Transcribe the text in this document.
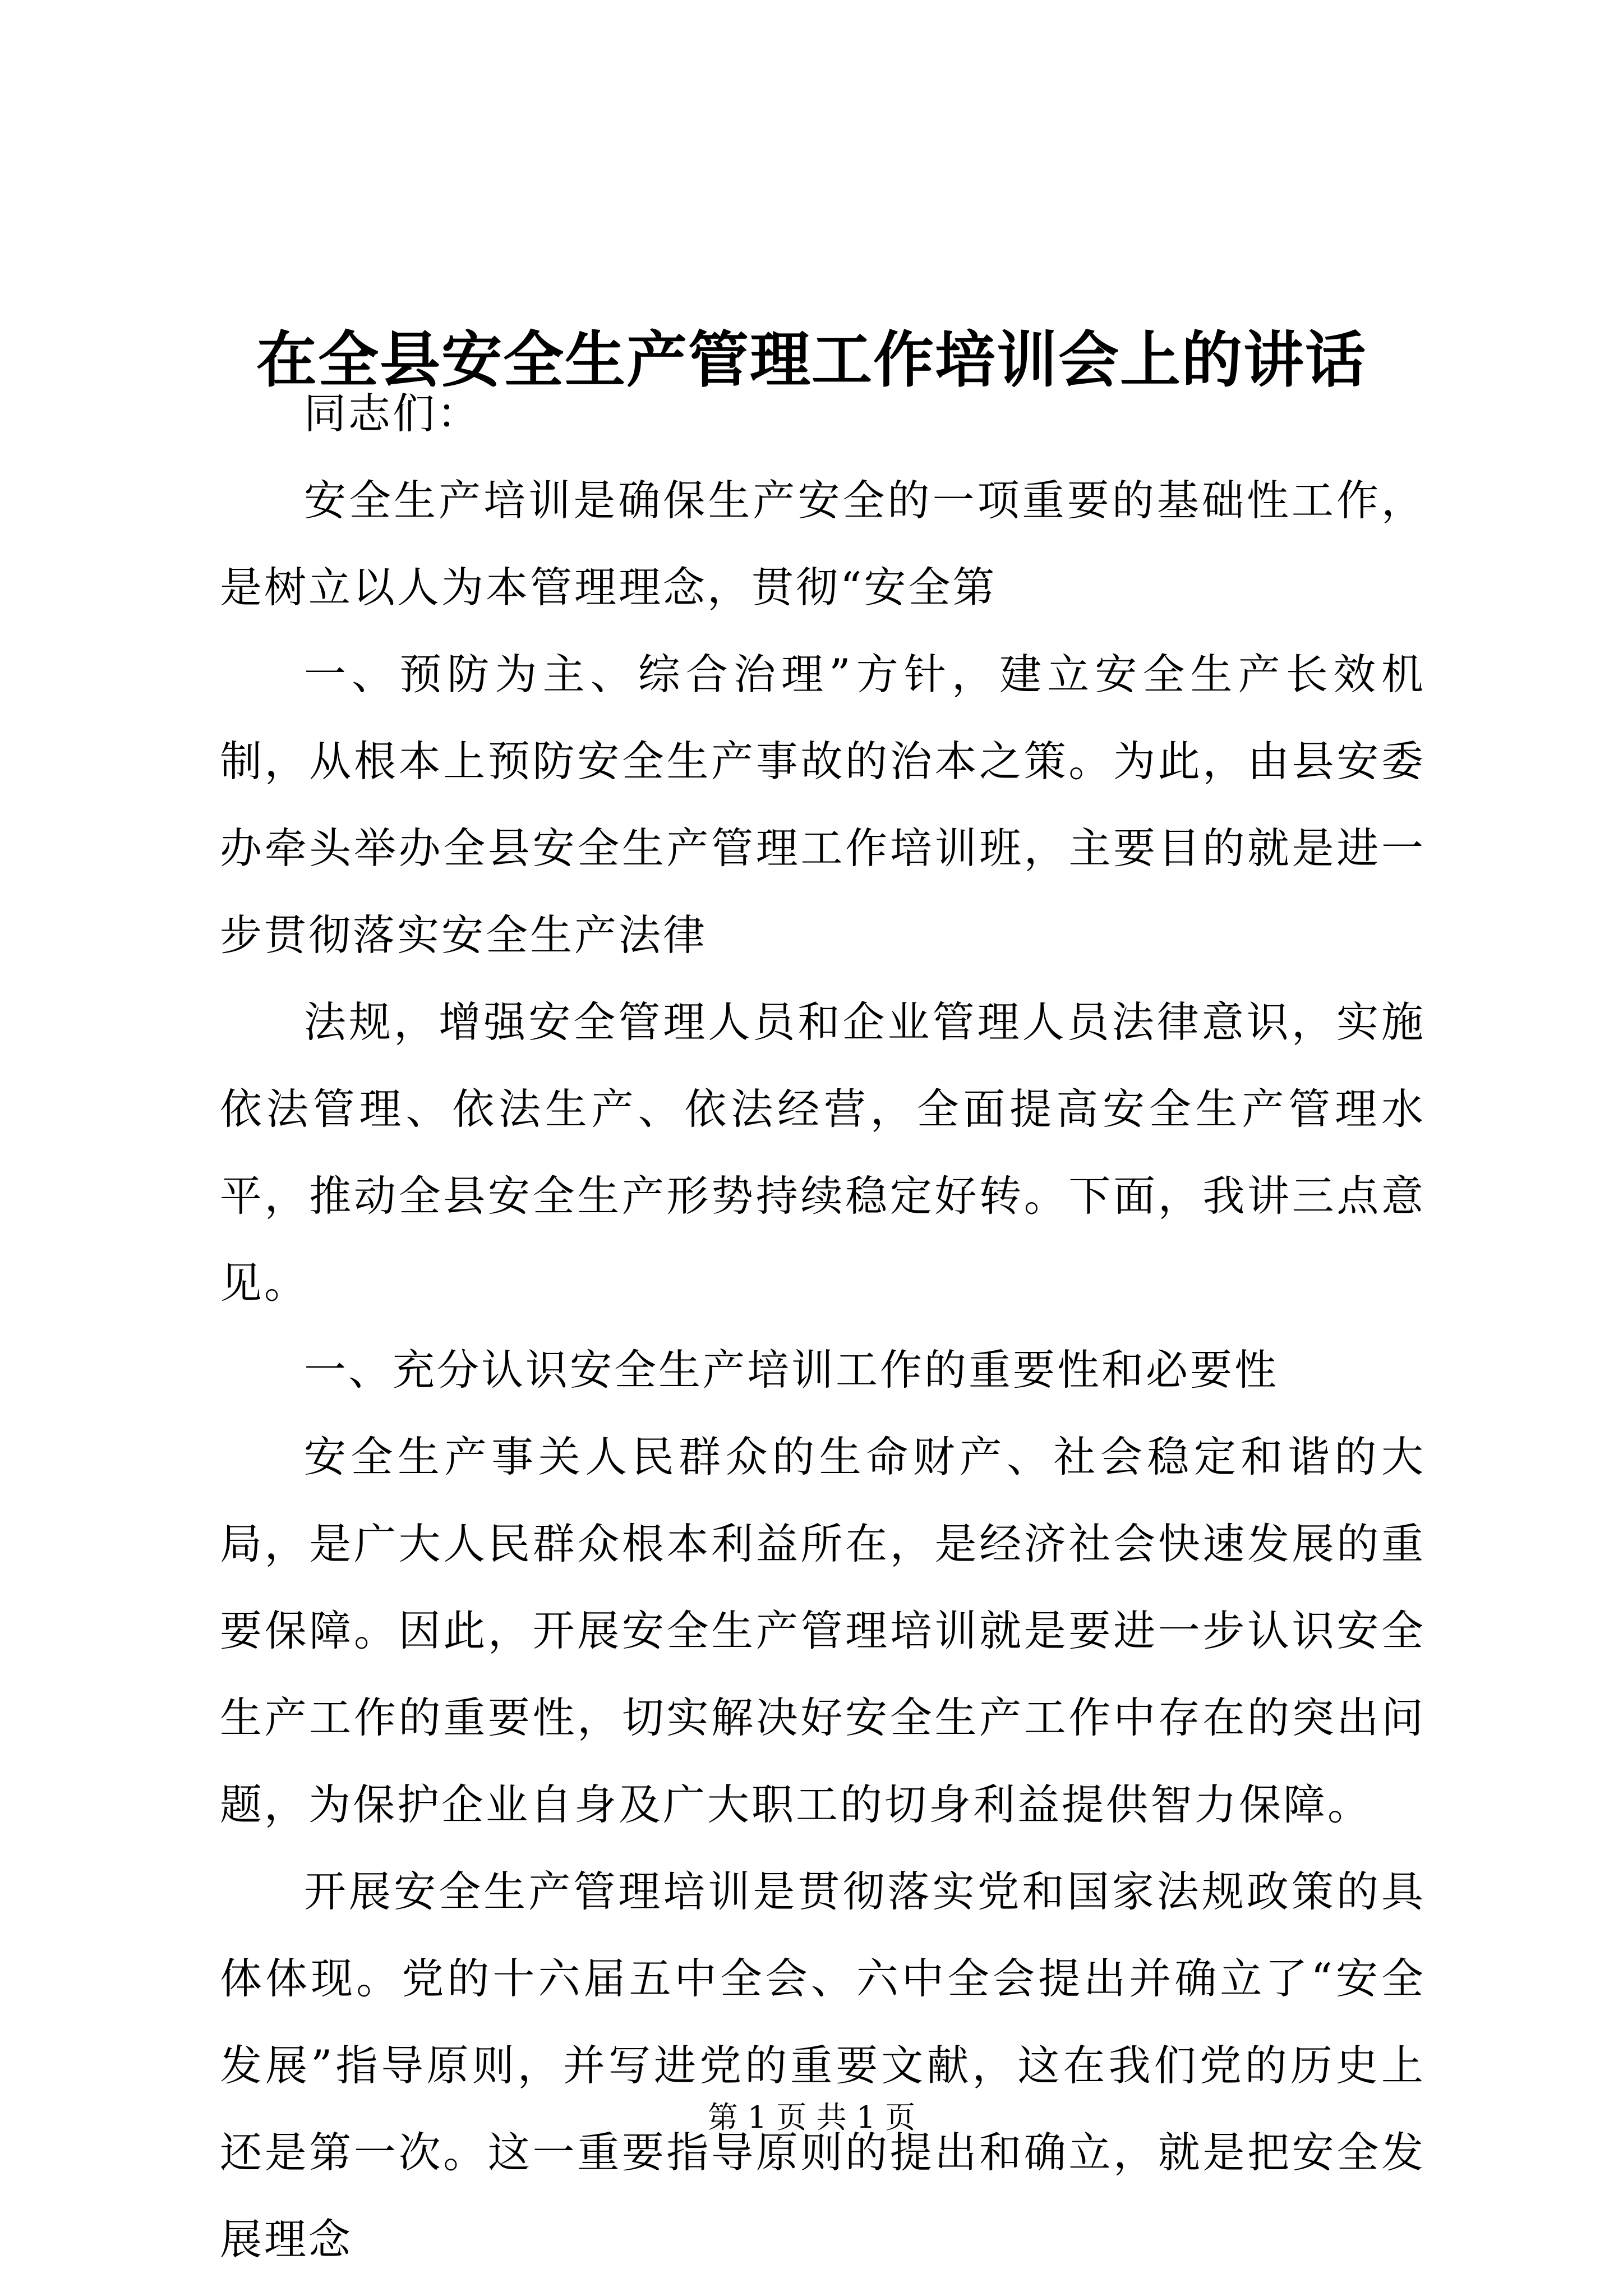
在全县安全生产管理工作培训会上的讲话

同志们：

安全生产培训是确保生产安全的一项重要的基础性工作，是树立以人为本管理理念，贯彻“安全第

一、预防为主、综合治理”方针，建立安全生产长效机制，从根本上预防安全生产事故的治本之策。为此，由县安委办牵头举办全县安全生产管理工作培训班，主要目的就是进一步贯彻落实安全生产法律

法规，增强安全管理人员和企业管理人员法律意识，实施依法管理、依法生产、依法经营，全面提高安全生产管理水平，推动全县安全生产形势持续稳定好转。下面，我讲三点意见。

一、充分认识安全生产培训工作的重要性和必要性

安全生产事关人民群众的生命财产、社会稳定和谐的大局，是广大人民群众根本利益所在，是经济社会快速发展的重要保障。因此，开展安全生产管理培训就是要进一步认识安全生产工作的重要性，切实解决好安全生产工作中存在的突出问题，为保护企业自身及广大职工的切身利益提供智力保障。

开展安全生产管理培训是贯彻落实党和国家法规政策的具体体现。党的十六届五中全会、六中全会提出并确立了“安全发展”指导原则，并写进党的重要文献，这在我们党的历史上还是第一次。这一重要指导原则的提出和确立，就是把安全发展理念

第 1 页 共 1 页
